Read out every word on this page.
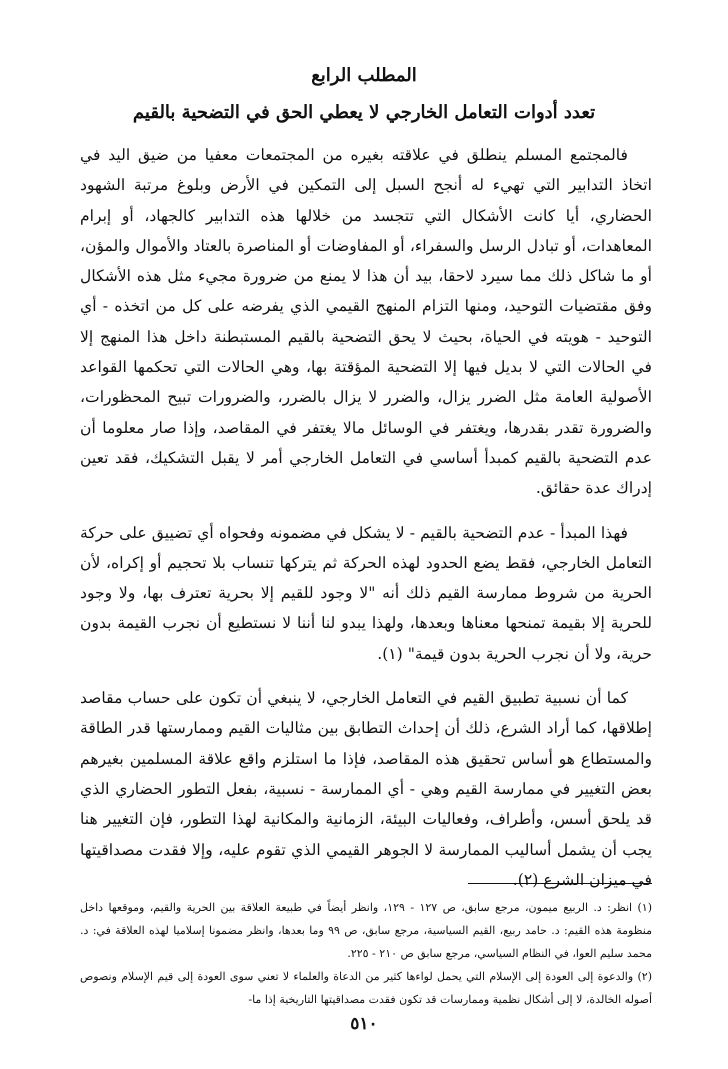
المطلب الرابع
تعدد أدوات التعامل الخارجي لا يعطي الحق في التضحية بالقيم

فالمجتمع المسلم ينطلق في علاقته بغيره من المجتمعات معفيا من ضيق اليد في اتخاذ التدابير التي تهيء له أنجح السبل إلى التمكين في الأرض وبلوغ مرتبة الشهود الحضاري، أيا كانت الأشكال التي تتجسد من خلالها هذه التدابير كالجهاد، أو إبرام المعاهدات، أو تبادل الرسل والسفراء، أو المفاوضات أو المناصرة بالعتاد والأموال والمؤن، أو ما شاكل ذلك مما سيرد لاحقا، بيد أن هذا لا يمنع من ضرورة مجيء مثل هذه الأشكال وفق مقتضيات التوحيد، ومنها التزام المنهج القيمي الذي يفرضه على كل من اتخذه - أي التوحيد - هويته في الحياة، بحيث لا يحق التضحية بالقيم المستبطنة داخل هذا المنهج إلا في الحالات التي لا بديل فيها إلا التضحية المؤقتة بها، وهي الحالات التي تحكمها القواعد الأصولية العامة مثل الضرر يزال، والضرر لا يزال بالضرر، والضرورات تبيح المحظورات، والضرورة تقدر بقدرها، ويغتفر في الوسائل مالا يغتفر في المقاصد، وإذا صار معلوما أن عدم التضحية بالقيم كمبدأ أساسي في التعامل الخارجي أمر لا يقبل التشكيك، فقد تعين إدراك عدة حقائق.

فهذا المبدأ - عدم التضحية بالقيم - لا يشكل في مضمونه وفحواه أي تضييق على حركة التعامل الخارجي، فقط يضع الحدود لهذه الحركة ثم يتركها تنساب بلا تحجيم أو إكراه، لأن الحرية من شروط ممارسة القيم ذلك أنه "لا وجود للقيم إلا بحرية تعترف بها، ولا وجود للحرية إلا بقيمة تمنحها معناها وبعدها، ولهذا يبدو لنا أننا لا نستطيع أن نجرب القيمة بدون حرية، ولا أن نجرب الحرية بدون قيمة" (١).

كما أن نسبية تطبيق القيم في التعامل الخارجي، لا ينبغي أن تكون على حساب مقاصد إطلاقها، كما أراد الشرع، ذلك أن إحداث التطابق بين مثاليات القيم وممارستها قدر الطاقة والمستطاع هو أساس تحقيق هذه المقاصد، فإذا ما استلزم واقع علاقة المسلمين بغيرهم بعض التغيير في ممارسة القيم وهي - أي الممارسة - نسبية، بفعل التطور الحضاري الذي قد يلحق أسس، وأطراف، وفعاليات البيئة، الزمانية والمكانية لهذا التطور، فإن التغيير هنا يجب أن يشمل أساليب الممارسة لا الجوهر القيمي الذي تقوم عليه، وإلا فقدت مصداقيتها في ميزان الشرع (٢).

(١) انظر: د. الربيع ميمون، مرجع سابق، ص ١٢٧ - ١٢٩، وانظر أيضاً في طبيعة العلاقة بين الحرية والقيم، وموقعها داخل منظومة هذه القيم: د. حامد ربيع، القيم السياسية، مرجع سابق، ص ٩٩ وما بعدها، وانظر مضمونا إسلاميا لهذه العلاقة في: د. محمد سليم العوا، في النظام السياسي، مرجع سابق ص ٢١٠ - ٢٢٥.

(٢) والدعوة إلى العودة إلى الإسلام التي يحمل لواءها كثير من الدعاة والعلماء لا تعني سوى العودة إلى قيم الإسلام ونصوص أصوله الخالدة، لا إلى أشكال نظمية وممارسات قد تكون فقدت مصداقيتها التاريخية إذا ما-

٥١٠
